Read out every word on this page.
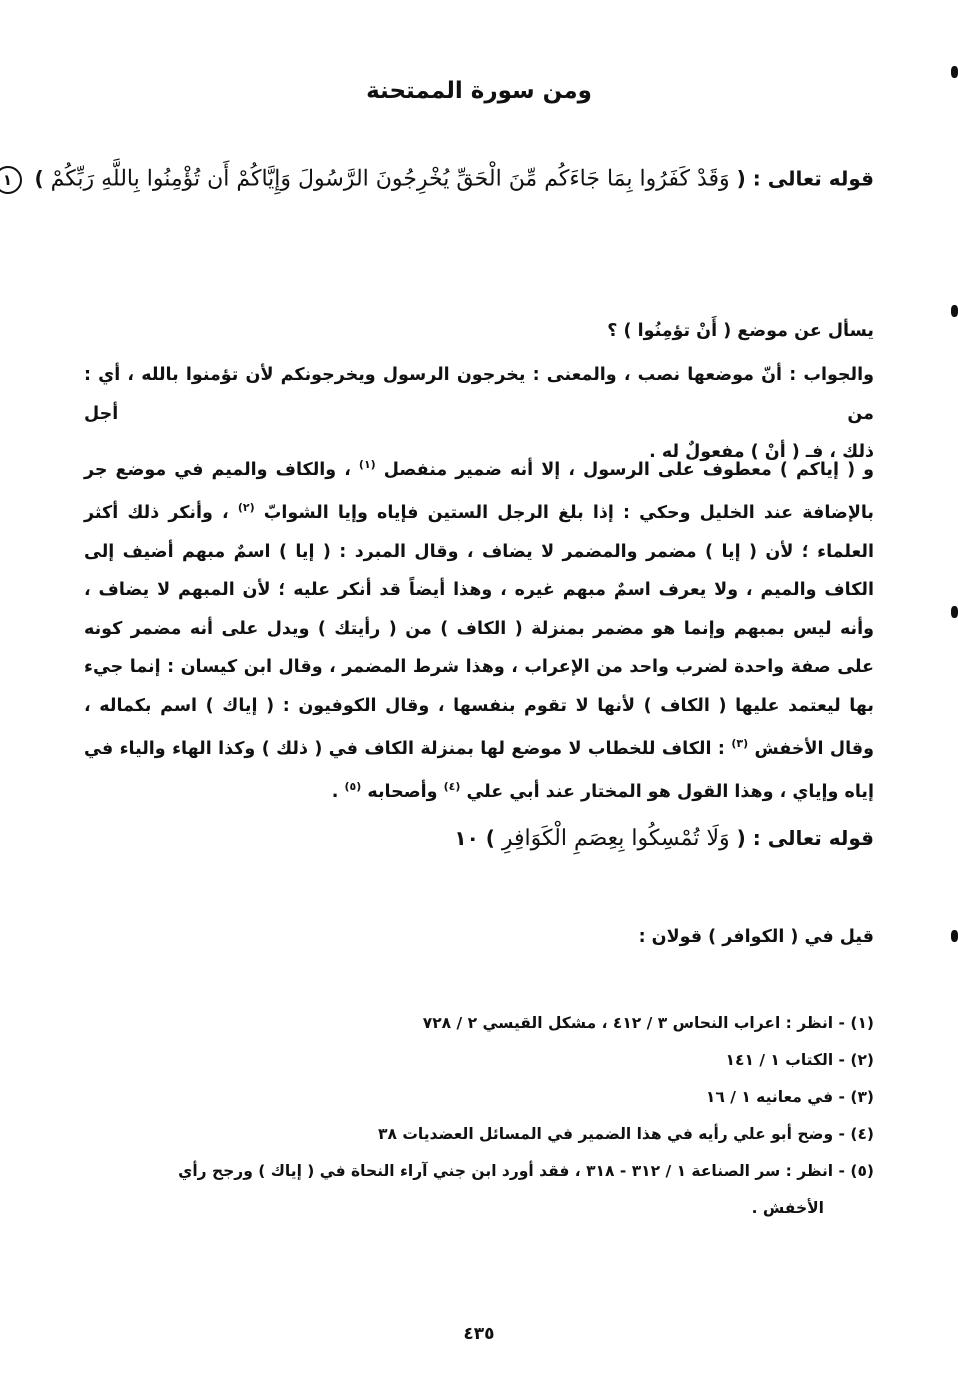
ومن سورة الممتحنة
قوله تعالى : ( وَقَدْ كَفَرُوا بِمَا جَاءَكُم مِّنَ الْحَقِّ يُخْرِجُونَ الرَّسُولَ وَإِيَّاكُمْ أَن تُؤْمِنُوا بِاللَّهِ رَبِّكُمْ ) ١
يسأل عن موضع ( أَنْ تؤمِنُوا ) ؟
والجواب : أنّ موضعها نصب ، والمعنى : يخرجون الرسول ويخرجونكم لأن تؤمنوا بالله ، أي : من أجل
ذلك ، فـ ( أنْ ) مفعولٌ له .
و ( إياكم ) معطوف على الرسول ، إلا أنه ضمير منفصل $^{(١)}$ ، والكاف والميم في موضع جر بالإضافة عند الخليل وحكي : إذا بلغ الرجل الستين فإياه وإيا الشوابّ $^{(٢)}$ ، وأنكر ذلك أكثر العلماء ؛ لأن ( إيا ) مضمر والمضمر لا يضاف ، وقال المبرد : ( إيا ) اسمٌ مبهم أضيف إلى الكاف والميم ، ولا يعرف اسمٌ مبهم غيره ، وهذا أيضاً قد أنكر عليه ؛ لأن المبهم لا يضاف ، وأنه ليس بمبهم وإنما هو مضمر بمنزلة ( الكاف ) من ( رأيتك ) ويدل على أنه مضمر كونه على صفة واحدة لضرب واحد من الإعراب ، وهذا شرط المضمر ، وقال ابن كيسان : إنما جيء بها ليعتمد عليها ( الكاف ) لأنها لا تقوم بنفسها ، وقال الكوفيون : ( إياك ) اسم بكماله ، وقال الأخفش $^{(٣)}$ : الكاف للخطاب لا موضع لها بمنزلة الكاف في ( ذلك ) وكذا الهاء والياء في إياه وإياي ، وهذا القول هو المختار عند أبي علي $^{(٤)}$ وأصحابه $^{(٥)}$ .
قوله تعالى : ( وَلَا تُمْسِكُوا بِعِصَمِ الْكَوَافِرِ ) ١٠
قيل في ( الكوافر ) قولان :
(١) - انظر : اعراب النحاس ٣ / ٤١٢ ، مشكل القيسي ٢ / ٧٢٨
(٢) - الكتاب ١ / ١٤١
(٣) - في معانيه ١ / ١٦
(٤) - وضح أبو علي رأيه في هذا الضمير في المسائل العضديات ٣٨
(٥) - انظر : سر الصناعة ١ / ٣١٢ - ٣١٨ ، فقد أورد ابن جني آراء النحاة في ( إياك ) ورجح رأي
الأخفش .
٤٣٥
